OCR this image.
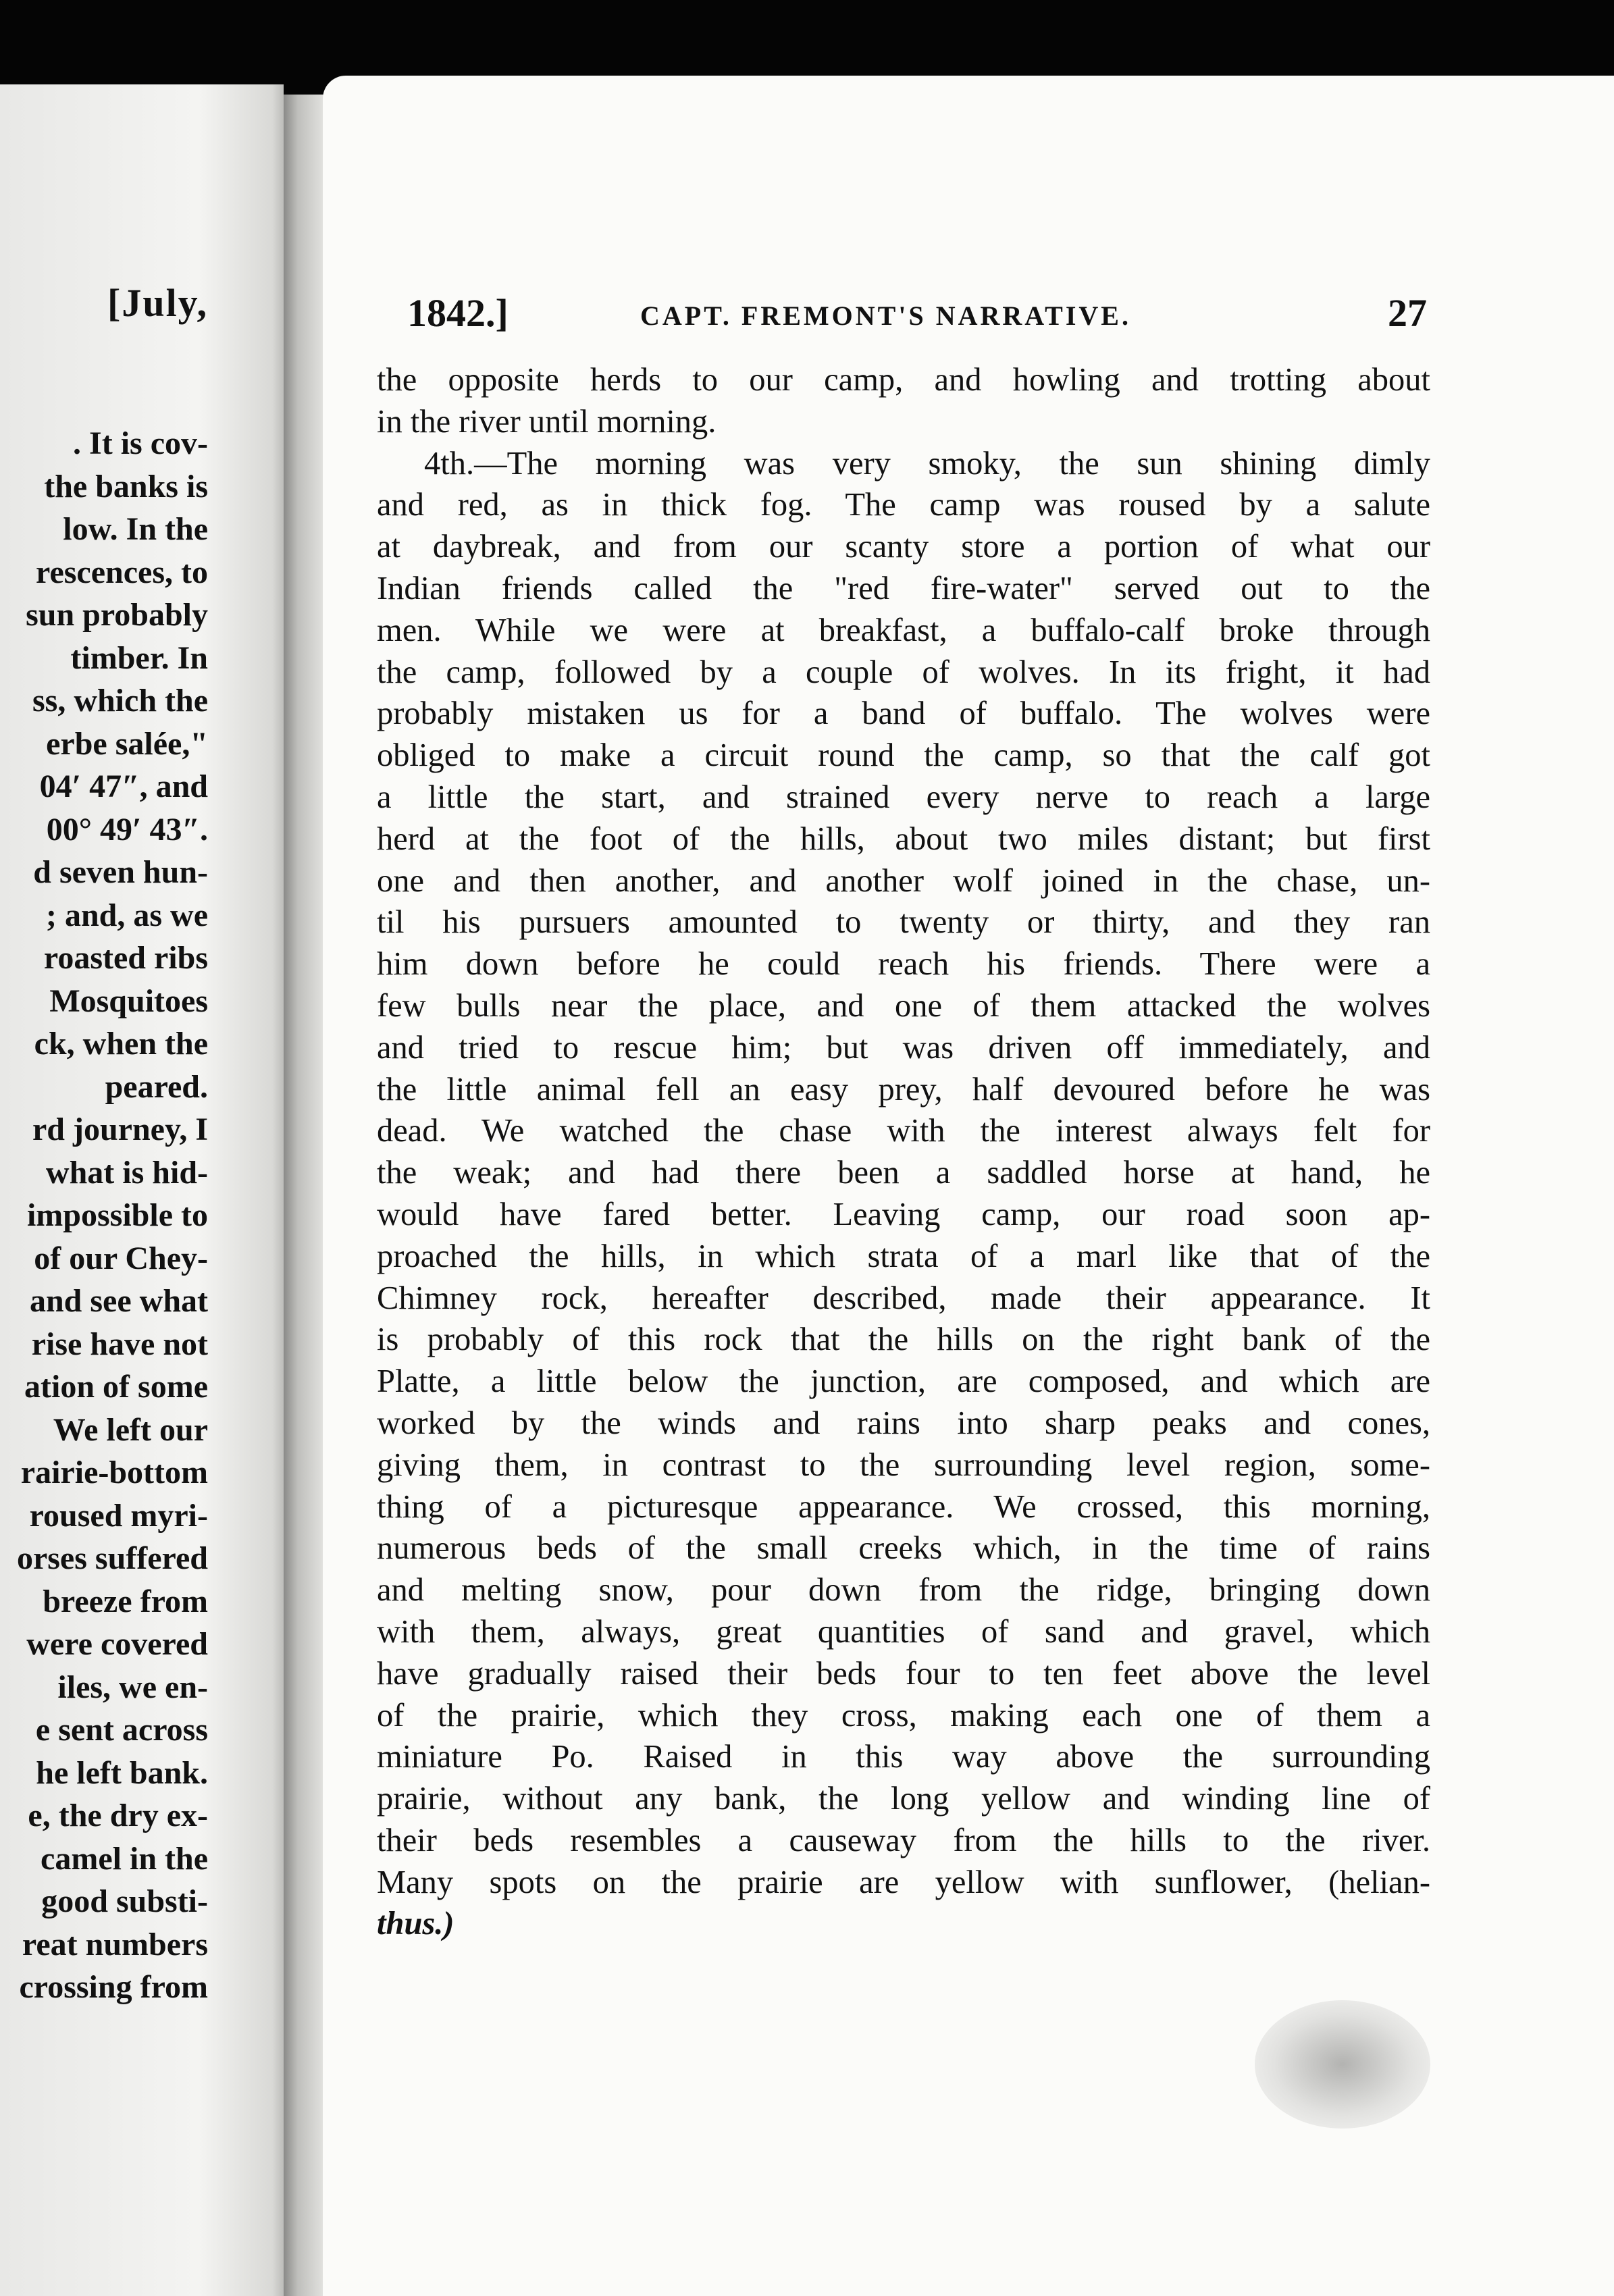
[July,
. It is cov-
the banks is
low. In the
rescences, to
sun probably
timber. In
ss, which the
erbe salée,"
04′ 47″, and
00° 49′ 43″.
d seven hun-
; and, as we
roasted ribs
Mosquitoes
ck, when the
peared.
rd journey, I
what is hid-
impossible to
of our Chey-
and see what
rise have not
ation of some
We left our
rairie-bottom
roused myri-
orses suffered
breeze from
were covered
iles, we en-
e sent across
he left bank.
e, the dry ex-
camel in the
good substi-
reat numbers
crossing from
1842.]	CAPT. FREMONT'S NARRATIVE.	27
the opposite herds to our camp, and howling and trotting about
in the river until morning.
4th.—The morning was very smoky, the sun shining dimly
and red, as in thick fog. The camp was roused by a salute
at daybreak, and from our scanty store a portion of what our
Indian friends called the "red fire-water" served out to the
men. While we were at breakfast, a buffalo-calf broke through
the camp, followed by a couple of wolves. In its fright, it had
probably mistaken us for a band of buffalo. The wolves were
obliged to make a circuit round the camp, so that the calf got
a little the start, and strained every nerve to reach a large
herd at the foot of the hills, about two miles distant; but first
one and then another, and another wolf joined in the chase, un-
til his pursuers amounted to twenty or thirty, and they ran
him down before he could reach his friends. There were a
few bulls near the place, and one of them attacked the wolves
and tried to rescue him; but was driven off immediately, and
the little animal fell an easy prey, half devoured before he was
dead. We watched the chase with the interest always felt for
the weak; and had there been a saddled horse at hand, he
would have fared better. Leaving camp, our road soon ap-
proached the hills, in which strata of a marl like that of the
Chimney rock, hereafter described, made their appearance. It
is probably of this rock that the hills on the right bank of the
Platte, a little below the junction, are composed, and which are
worked by the winds and rains into sharp peaks and cones,
giving them, in contrast to the surrounding level region, some-
thing of a picturesque appearance. We crossed, this morning,
numerous beds of the small creeks which, in the time of rains
and melting snow, pour down from the ridge, bringing down
with them, always, great quantities of sand and gravel, which
have gradually raised their beds four to ten feet above the level
of the prairie, which they cross, making each one of them a
miniature Po. Raised in this way above the surrounding
prairie, without any bank, the long yellow and winding line of
their beds resembles a causeway from the hills to the river.
Many spots on the prairie are yellow with sunflower, (helian-
thus.)
